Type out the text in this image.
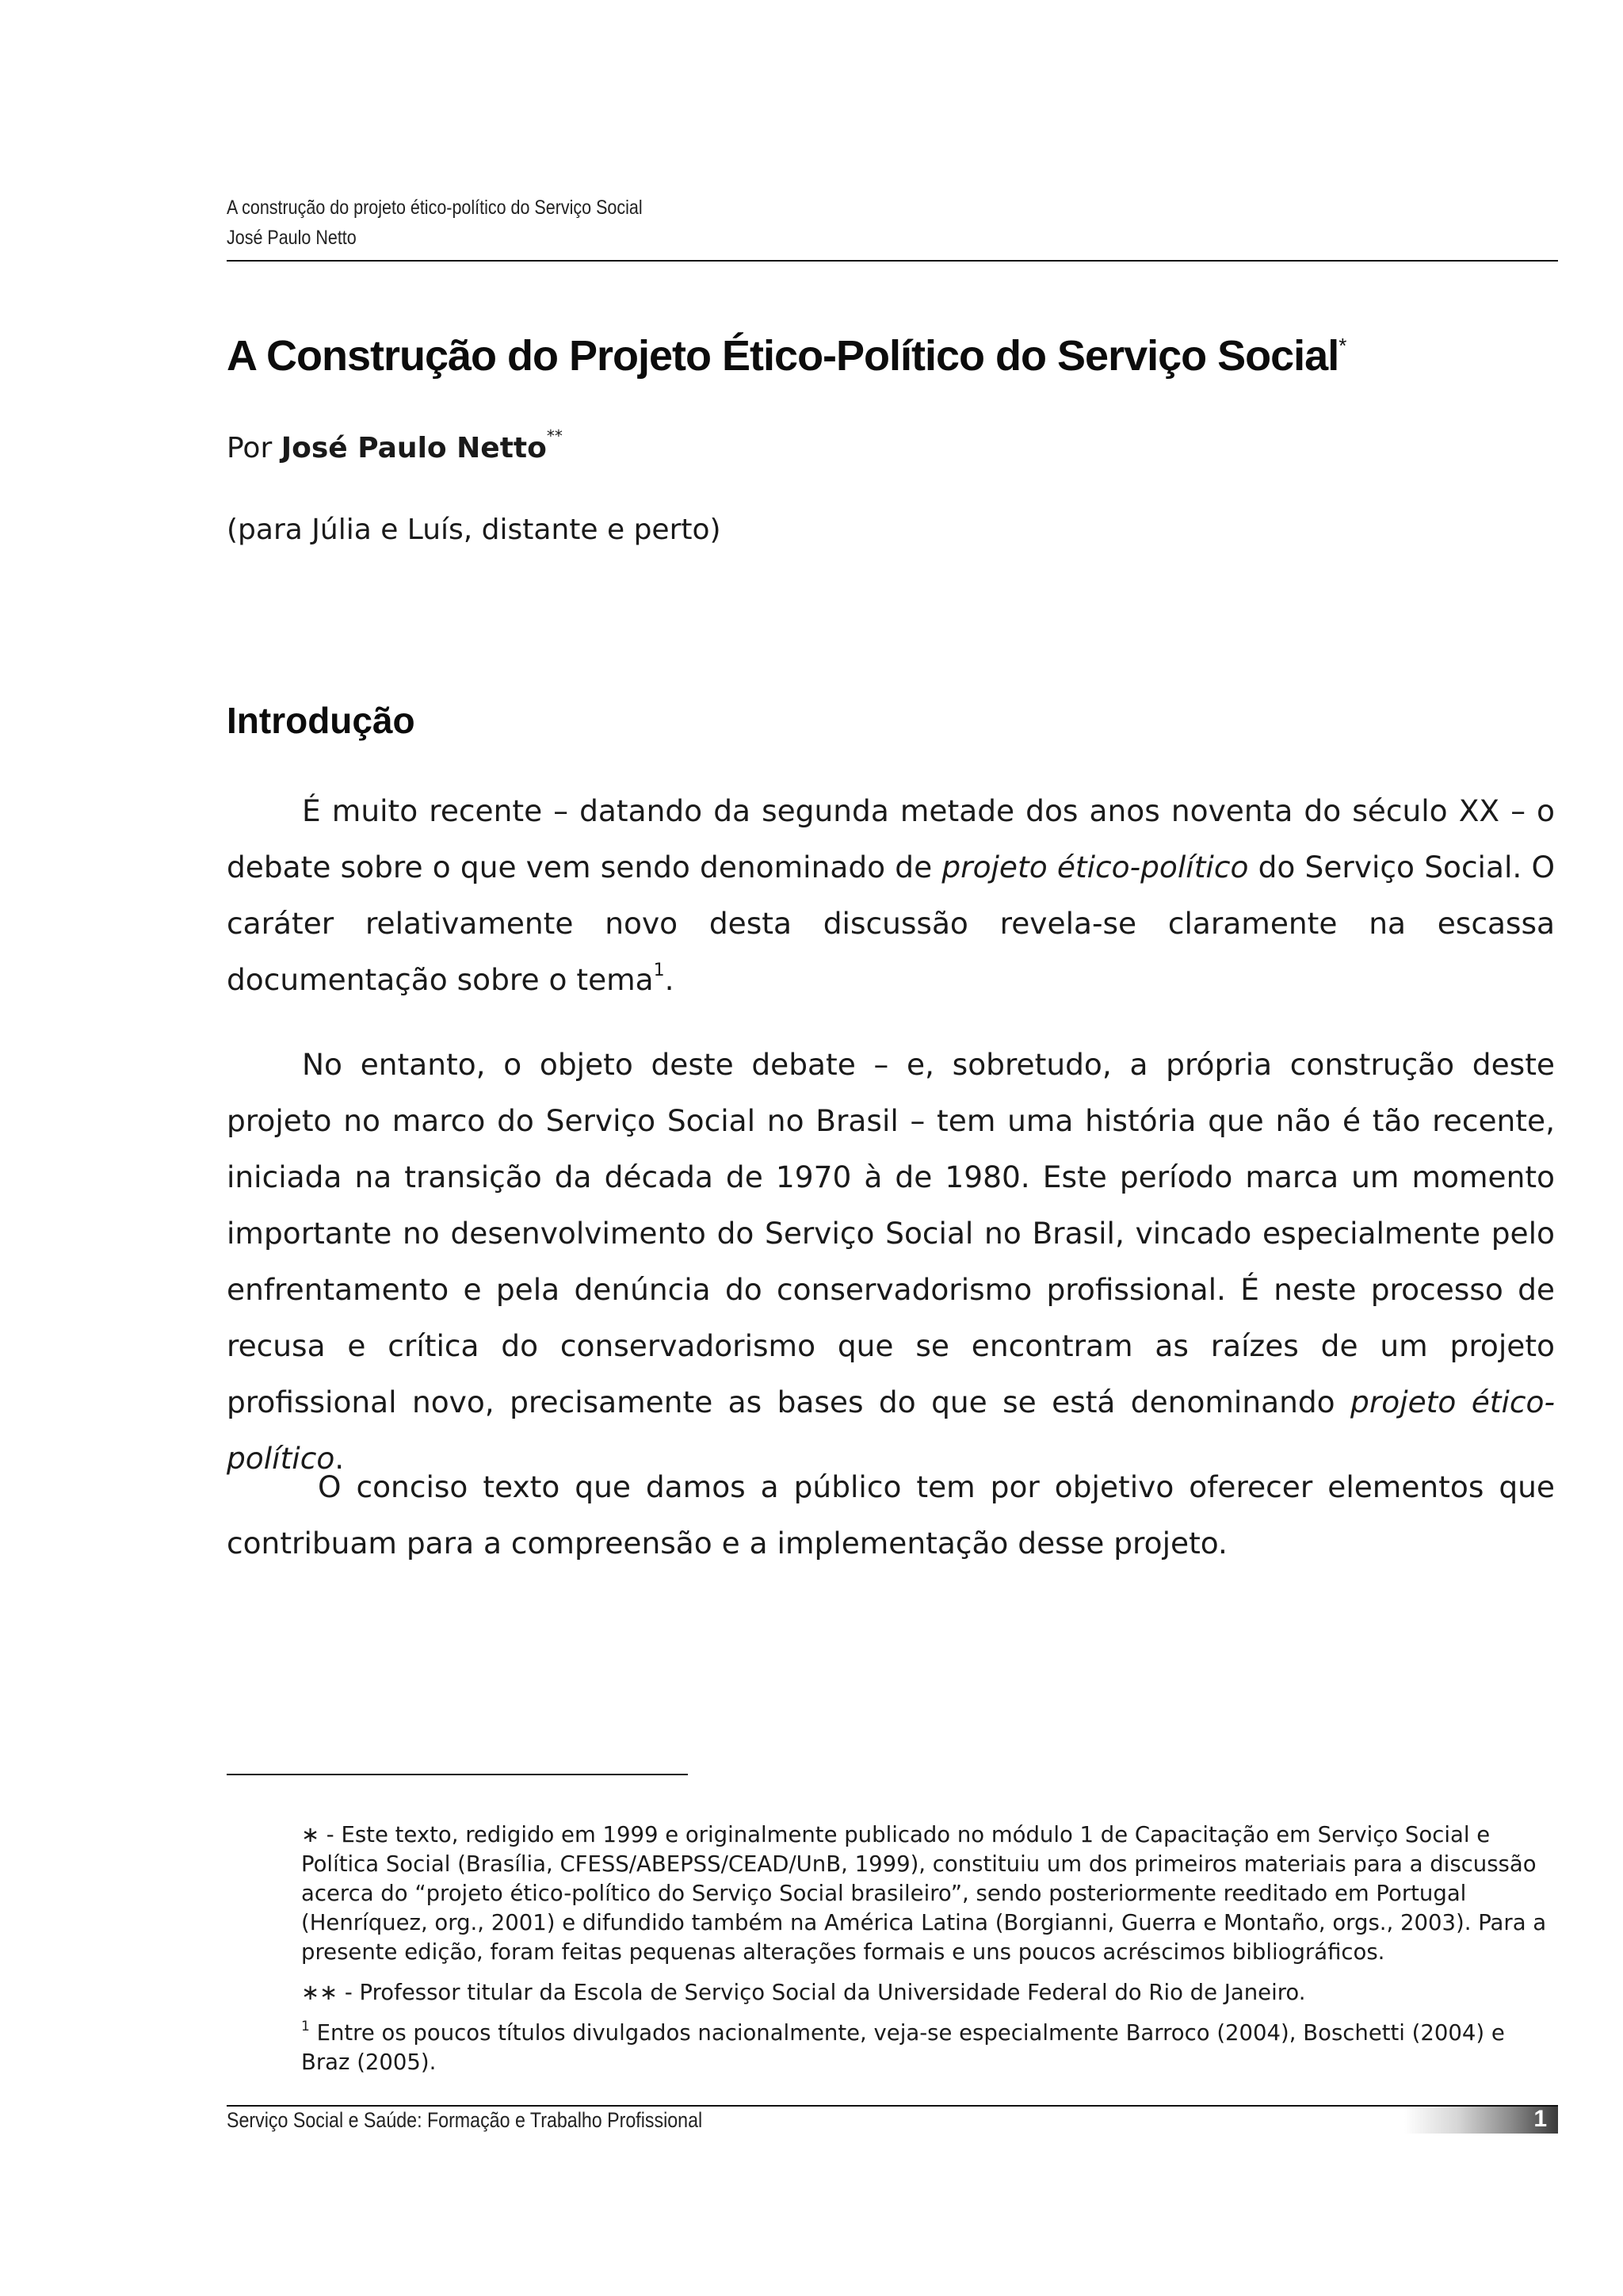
A construção do projeto ético-político do Serviço Social
José Paulo Netto
A Construção do Projeto Ético-Político do Serviço Social*
Por José Paulo Netto**
(para Júlia e Luís, distante e perto)
Introdução

É muito recente – datando da segunda metade dos anos noventa do século XX – o debate sobre o que vem sendo denominado de projeto ético-político do Serviço Social. O caráter relativamente novo desta discussão revela-se claramente na escassa documentação sobre o tema$^1$.

No entanto, o objeto deste debate – e, sobretudo, a própria construção deste projeto no marco do Serviço Social no Brasil – tem uma história que não é tão recente, iniciada na transição da década de 1970 à de 1980. Este período marca um momento importante no desenvolvimento do Serviço Social no Brasil, vincado especialmente pelo enfrentamento e pela denúncia do conservadorismo profissional. É neste processo de recusa e crítica do conservadorismo que se encontram as raízes de um projeto profissional novo, precisamente as bases do que se está denominando projeto ético-político.

O conciso texto que damos a público tem por objetivo oferecer elementos que contribuam para a compreensão e a implementação desse projeto.

∗ - Este texto, redigido em 1999 e originalmente publicado no módulo 1 de Capacitação em Serviço Social e Política Social (Brasília, CFESS/ABEPSS/CEAD/UnB, 1999), constituiu um dos primeiros materiais para a discussão acerca do “projeto ético-político do Serviço Social brasileiro”, sendo posteriormente reeditado em Portugal (Henríquez, org., 2001) e difundido também na América Latina (Borgianni, Guerra e Montaño, orgs., 2003). Para a presente edição, foram feitas pequenas alterações formais e uns poucos acréscimos bibliográficos.

∗∗ - Professor titular da Escola de Serviço Social da Universidade Federal do Rio de Janeiro.

$^1$ Entre os poucos títulos divulgados nacionalmente, veja-se especialmente Barroco (2004), Boschetti (2004) e Braz (2005).

Serviço Social e Saúde: Formação e Trabalho Profissional	1
